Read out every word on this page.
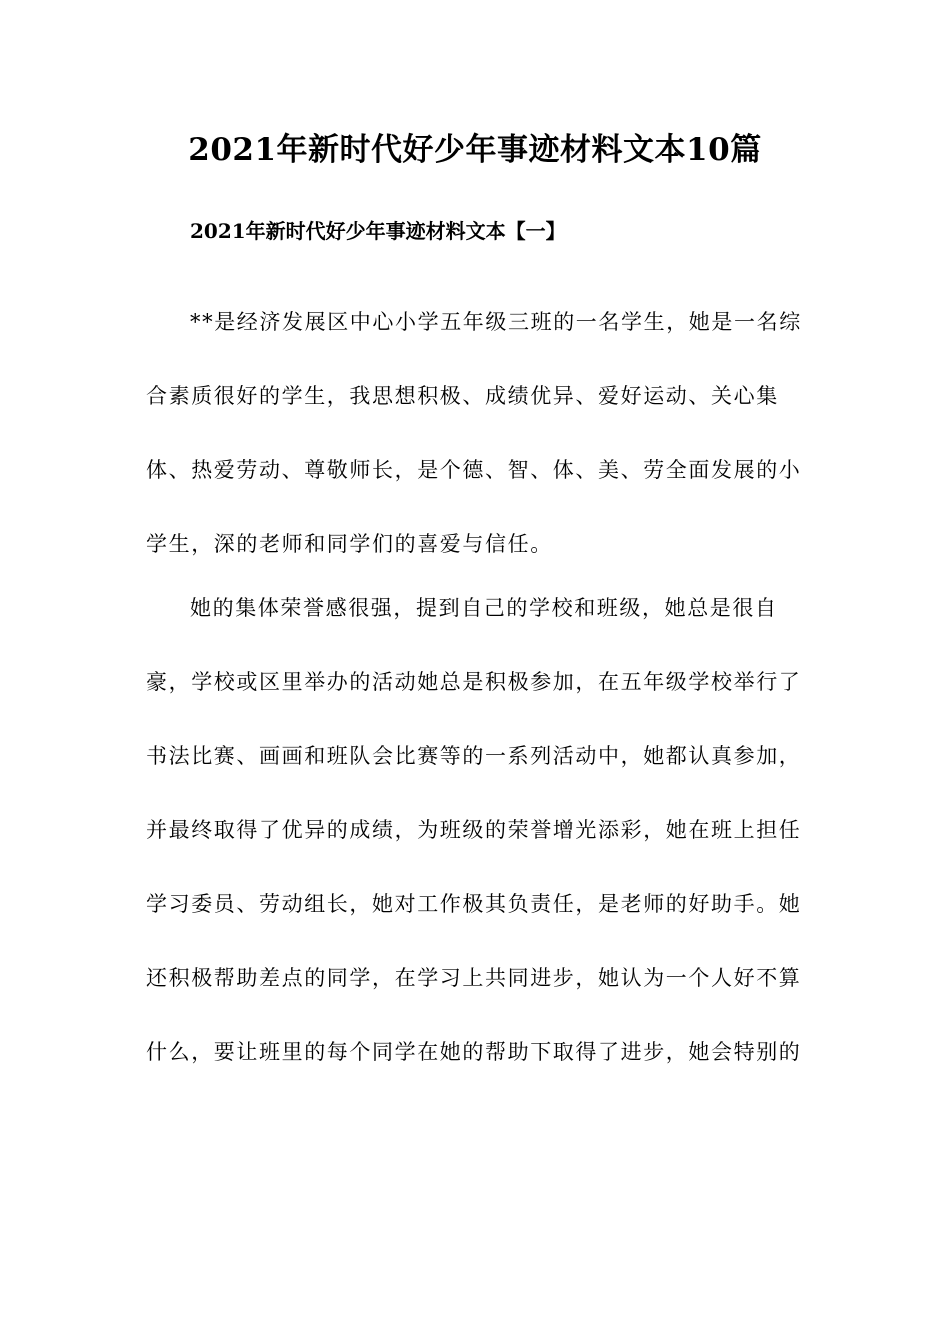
2021年新时代好少年事迹材料文本10篇
2021年新时代好少年事迹材料文本【一】

**是经济发展区中心小学五年级三班的一名学生，她是一名综

合素质很好的学生，我思想积极、成绩优异、爱好运动、关心集

体、热爱劳动、尊敬师长，是个德、智、体、美、劳全面发展的小

学生，深的老师和同学们的喜爱与信任。

她的集体荣誉感很强，提到自己的学校和班级，她总是很自

豪，学校或区里举办的活动她总是积极参加，在五年级学校举行了

书法比赛、画画和班队会比赛等的一系列活动中，她都认真参加，

并最终取得了优异的成绩，为班级的荣誉增光添彩，她在班上担任

学习委员、劳动组长，她对工作极其负责任，是老师的好助手。她

还积极帮助差点的同学，在学习上共同进步，她认为一个人好不算

什么，要让班里的每个同学在她的帮助下取得了进步，她会特别的
